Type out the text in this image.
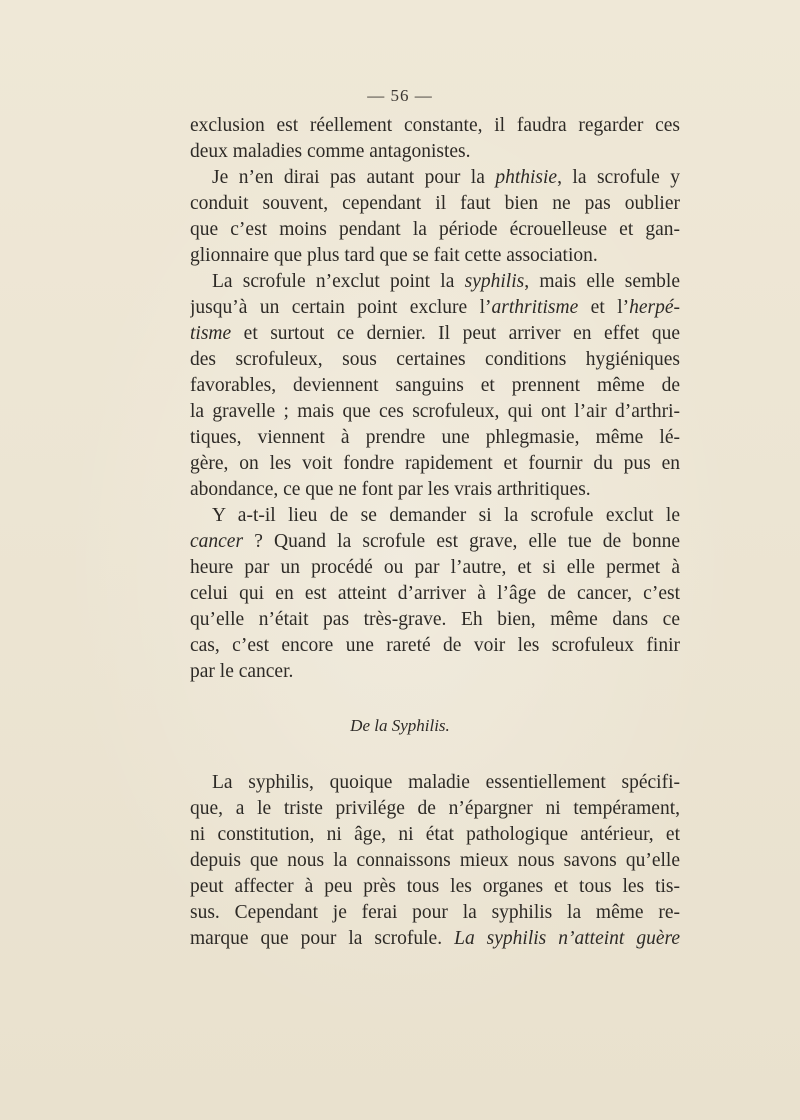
— 56 —
exclusion est réellement constante, il faudra regarder ces
deux maladies comme antagonistes.
Je n’en dirai pas autant pour la phthisie, la scrofule y
conduit souvent, cependant il faut bien ne pas oublier
que c’est moins pendant la période écrouelleuse et gan-
glionnaire que plus tard que se fait cette association.
La scrofule n’exclut point la syphilis, mais elle semble
jusqu’à un certain point exclure l’arthritisme et l’herpé-
tisme et surtout ce dernier. Il peut arriver en effet que
des scrofuleux, sous certaines conditions hygiéniques
favorables, deviennent sanguins et prennent même de
la gravelle ; mais que ces scrofuleux, qui ont l’air d’arthri-
tiques, viennent à prendre une phlegmasie, même lé-
gère, on les voit fondre rapidement et fournir du pus en
abondance, ce que ne font par les vrais arthritiques.
Y a-t-il lieu de se demander si la scrofule exclut le
cancer ? Quand la scrofule est grave, elle tue de bonne
heure par un procédé ou par l’autre, et si elle permet à
celui qui en est atteint d’arriver à l’âge de cancer, c’est
qu’elle n’était pas très-grave. Eh bien, même dans ce
cas, c’est encore une rareté de voir les scrofuleux finir
par le cancer.
De la Syphilis.
La syphilis, quoique maladie essentiellement spécifi-
que, a le triste privilége de n’épargner ni tempérament,
ni constitution, ni âge, ni état pathologique antérieur, et
depuis que nous la connaissons mieux nous savons qu’elle
peut affecter à peu près tous les organes et tous les tis-
sus. Cependant je ferai pour la syphilis la même re-
marque que pour la scrofule. La syphilis n’atteint guère
